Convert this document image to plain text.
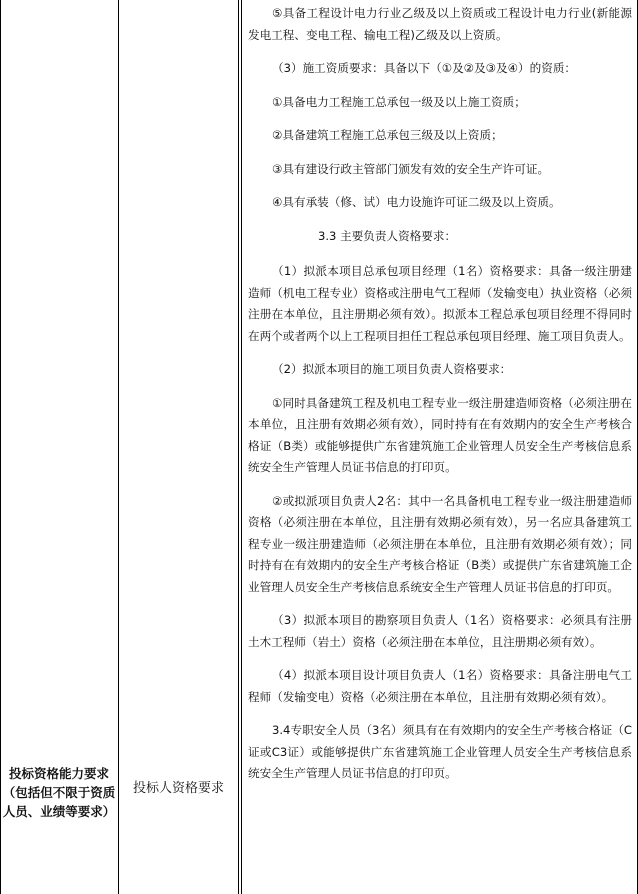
投标资格能力要求
（包括但不限于资质人员、业绩等要求）
投标人资格要求

⑤具备工程设计电力行业乙级及以上资质或工程设计电力行业(新能源发电工程、变电工程、输电工程)乙级及以上资质。

（3）施工资质要求：具备以下（①及②及③及④）的资质：

①具备电力工程施工总承包一级及以上施工资质；

②具备建筑工程施工总承包三级及以上资质；

③具有建设行政主管部门颁发有效的安全生产许可证。

④具有承装（修、试）电力设施许可证二级及以上资质。

3.3 主要负责人资格要求：

（1）拟派本项目总承包项目经理（1名）资格要求：具备一级注册建造师（机电工程专业）资格或注册电气工程师（发输变电）执业资格（必须注册在本单位，且注册期必须有效）。拟派本工程总承包项目经理不得同时在两个或者两个以上工程项目担任工程总承包项目经理、施工项目负责人。

（2）拟派本项目的施工项目负责人资格要求：

①同时具备建筑工程及机电工程专业一级注册建造师资格（必须注册在本单位，且注册有效期必须有效），同时持有在有效期内的安全生产考核合格证（B类）或能够提供广东省建筑施工企业管理人员安全生产考核信息系统安全生产管理人员证书信息的打印页。

②或拟派项目负责人2名：其中一名具备机电工程专业一级注册建造师资格（必须注册在本单位，且注册有效期必须有效），另一名应具备建筑工程专业一级注册建造师（必须注册在本单位，且注册有效期必须有效）；同时持有在有效期内的安全生产考核合格证（B类）或提供广东省建筑施工企业管理人员安全生产考核信息系统安全生产管理人员证书信息的打印页。

（3）拟派本项目的勘察项目负责人（1名）资格要求：必须具有注册土木工程师（岩土）资格（必须注册在本单位，且注册期必须有效）。

（4）拟派本项目设计项目负责人（1名）资格要求：具备注册电气工程师（发输变电）资格（必须注册在本单位，且注册有效期必须有效）。

3.4专职安全人员（3名）须具有在有效期内的安全生产考核合格证（C证或C3证）或能够提供广东省建筑施工企业管理人员安全生产考核信息系统安全生产管理人员证书信息的打印页。
